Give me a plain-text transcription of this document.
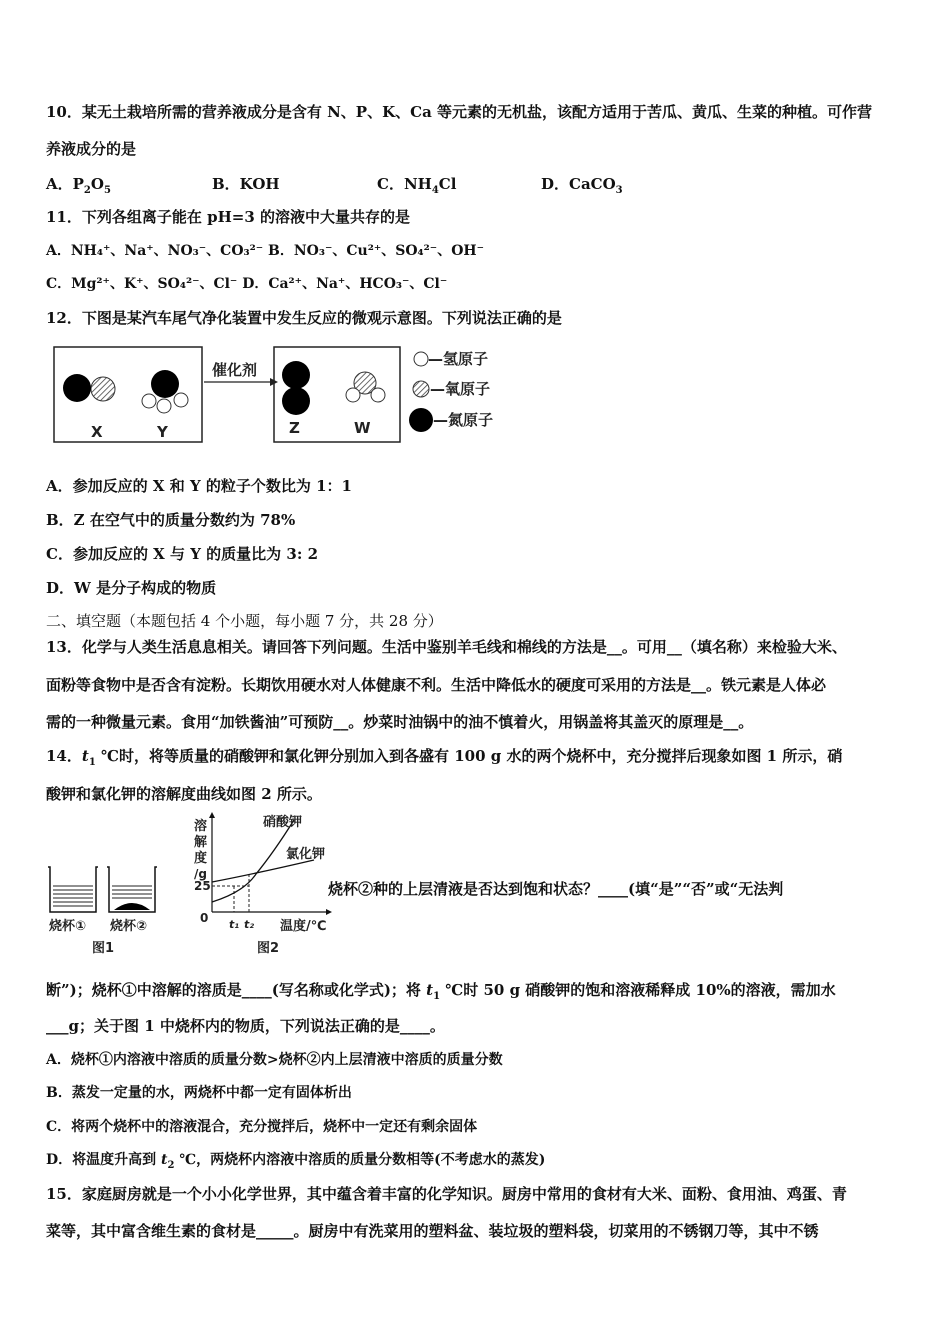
10．某无土栽培所需的营养液成分是含有 N、P、K、Ca 等元素的无机盐，该配方适用于苦瓜、黄瓜、生菜的种植。可作营
养液成分的是
A．$P_2O_5$	B．KOH	C．$NH_4Cl$	D．CaCO$_3$
11．下列各组离子能在 pH=3 的溶液中大量共存的是
A．NH₄⁺、Na⁺、NO₃⁻、CO₃²⁻ B．NO₃⁻、Cu²⁺、SO₄²⁻、OH⁻
C．Mg²⁺、K⁺、SO₄²⁻、Cl⁻ D．Ca²⁺、Na⁺、HCO₃⁻、Cl⁻
12．下图是某汽车尾气净化装置中发生反应的微观示意图。下列说法正确的是
X	Y
催化剂
Z	W
—氢原子
—氧原子
—氮原子
A．参加反应的 X 和 Y 的粒子个数比为 1：1
B．Z 在空气中的质量分数约为 78%
C．参加反应的 X 与 Y 的质量比为 3: 2
D．W 是分子构成的物质
二、填空题（本题包括 4 个小题，每小题 7 分，共 28 分）
13．化学与人类生活息息相关。请回答下列问题。生活中鉴别羊毛线和棉线的方法是__。可用__（填名称）来检验大米、
面粉等食物中是否含有淀粉。长期饮用硬水对人体健康不利。生活中降低水的硬度可采用的方法是__。铁元素是人体必
需的一种微量元素。食用“加铁酱油”可预防__。炒菜时油锅中的油不慎着火，用锅盖将其盖灭的原理是__。
14．$t_1$ ℃时，将等质量的硝酸钾和氯化钾分别加入到各盛有 100 g 水的两个烧杯中，充分搅拌后现象如图 1 所示，硝
酸钾和氯化钾的溶解度曲线如图 2 所示。
烧杯① 烧杯②
图1
溶
解
度
/g
25
0
硝酸钾
氯化钾
t₁ t₂ 温度/℃
图2
烧杯②种的上层清液是否达到饱和状态？____(填“是”“否”或“无法判
断”)；烧杯①中溶解的溶质是____(写名称或化学式)；将 $t_1$ ℃时 50 g 硝酸钾的饱和溶液稀释成 10%的溶液，需加水
___g；关于图 1 中烧杯内的物质，下列说法正确的是____。
A．烧杯①内溶液中溶质的质量分数>烧杯②内上层清液中溶质的质量分数
B．蒸发一定量的水，两烧杯中都一定有固体析出
C．将两个烧杯中的溶液混合，充分搅拌后，烧杯中一定还有剩余固体
D．将温度升高到 $t_2$ ℃，两烧杯内溶液中溶质的质量分数相等(不考虑水的蒸发)
15．家庭厨房就是一个小小化学世界，其中蕴含着丰富的化学知识。厨房中常用的食材有大米、面粉、食用油、鸡蛋、青
菜等，其中富含维生素的食材是_____。厨房中有洗菜用的塑料盆、装垃圾的塑料袋，切菜用的不锈钢刀等，其中不锈
